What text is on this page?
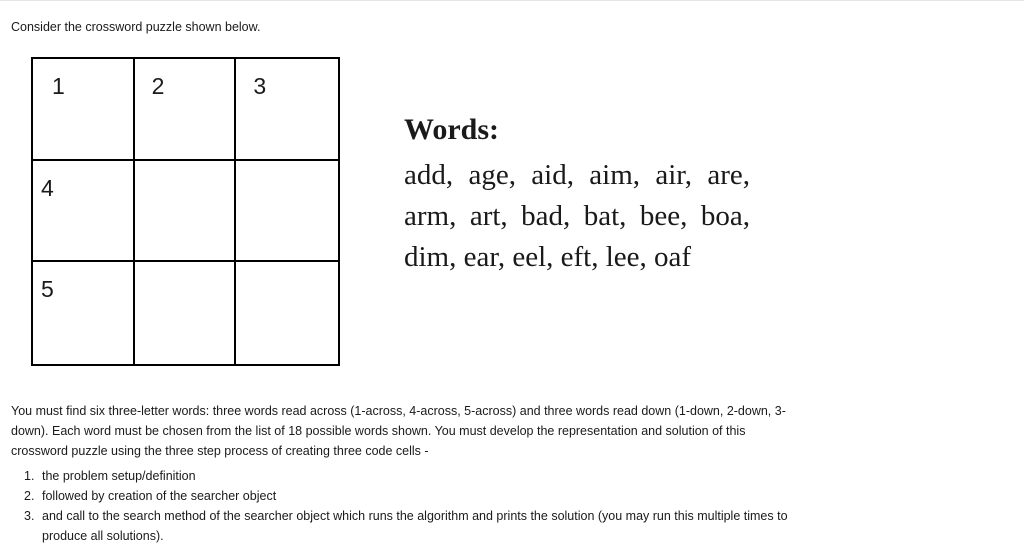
Consider the crossword puzzle shown below.
1	2	3
4
5
Words:
add, age, aid, aim, air, are, arm, art, bad, bat, bee, boa, dim, ear, eel, eft, lee, oaf
You must find six three-letter words: three words read across (1-across, 4-across, 5-across) and three words read down (1-down, 2-down, 3-down). Each word must be chosen from the list of 18 possible words shown. You must develop the representation and solution of this crossword puzzle using the three step process of creating three code cells -
1. the problem setup/definition
2. followed by creation of the searcher object
3. and call to the search method of the searcher object which runs the algorithm and prints the solution (you may run this multiple times to produce all solutions).
